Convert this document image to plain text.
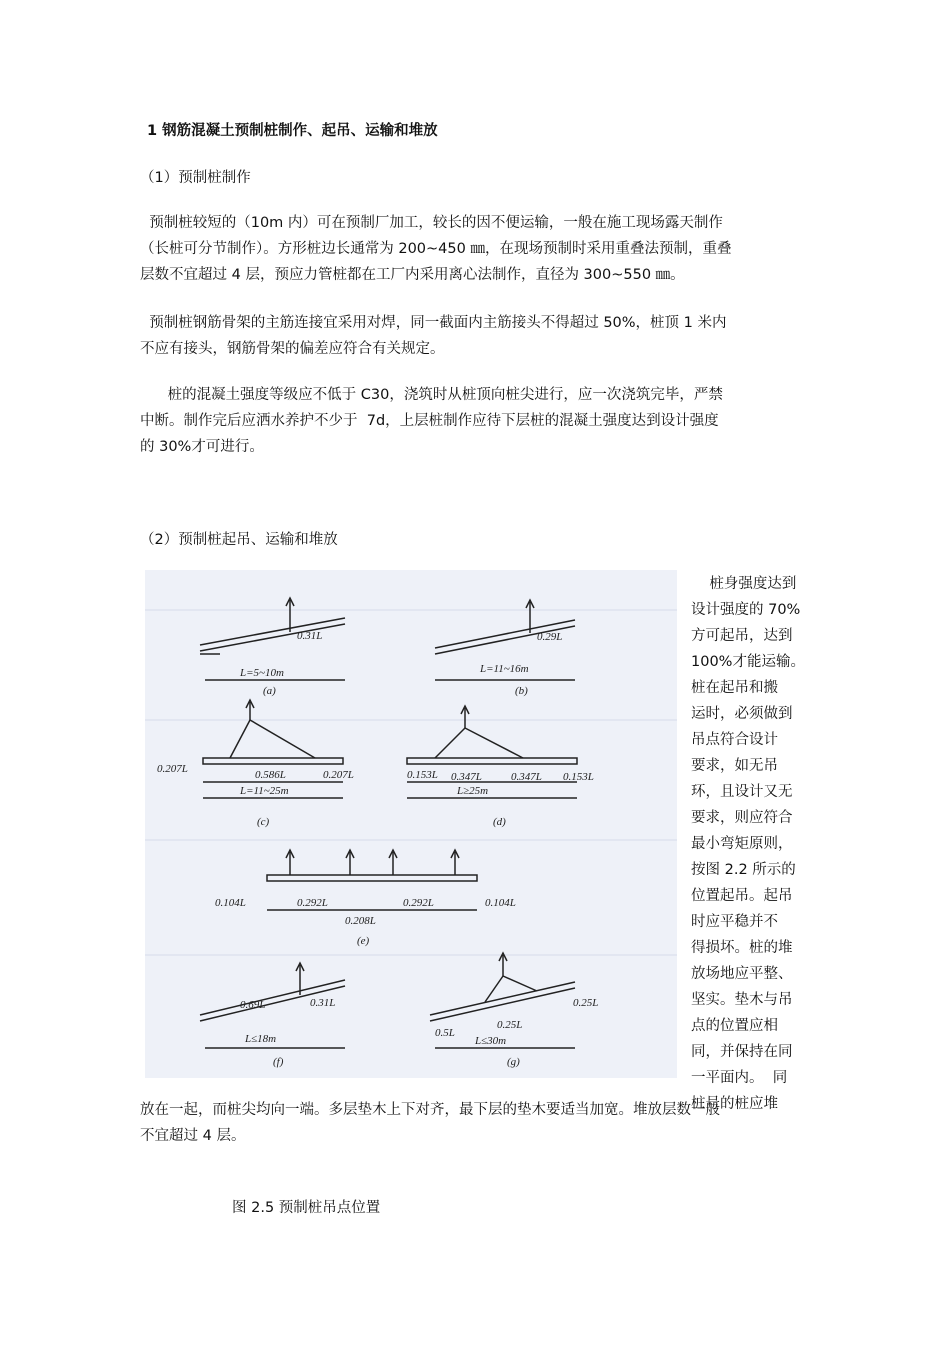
1 钢筋混凝土预制桩制作、起吊、运输和堆放
（1）预制桩制作
预制桩较短的（10m 内）可在预制厂加工，较长的因不便运输，一般在施工现场露天制作
（长桩可分节制作）。方形桩边长通常为 200~450 ㎜，在现场预制时采用重叠法预制，重叠
层数不宜超过 4 层，预应力管桩都在工厂内采用离心法制作，直径为 300~550 ㎜。
预制桩钢筋骨架的主筋连接宜采用对焊，同一截面内主筋接头不得超过 50%，桩顶 1 米内
不应有接头，钢筋骨架的偏差应符合有关规定。
桩的混凝土强度等级应不低于 C30，浇筑时从桩顶向桩尖进行，应一次浇筑完毕，严禁
中断。制作完后应洒水养护不少于  7d，上层桩制作应待下层桩的混凝土强度达到设计强度
的 30%才可进行。
（2）预制桩起吊、运输和堆放
0.31L
L=5~10m
(a)
0.29L
L=11~16m
(b)
0.207L	0.586L	0.207L
L=11~25m
(c)
0.153L 0.347L	0.347L 0.153L
L≥25m
(d)
0.104L	0.292L	0.292L	0.104L
0.208L
(e)
0.69L	0.31L
L≤18m
(f)
0.5L
0.25L
0.25L
L≤30m
(g)
桩身强度达到
设计强度的 70%
方可起吊，达到
100%才能运输。
桩在起吊和搬
运时，必须做到
吊点符合设计
要求，如无吊
环，且设计又无
要求，则应符合
最小弯矩原则，
按图 2.2 所示的
位置起吊。起吊
时应平稳并不
得损坏。桩的堆
放场地应平整、
坚实。垫木与吊
点的位置应相
同，并保持在同
一平面内。  同
桩号的桩应堆
放在一起，而桩尖均向一端。多层垫木上下对齐，最下层的垫木要适当加宽。堆放层数一般
不宜超过 4 层。
图 2.5 预制桩吊点位置
